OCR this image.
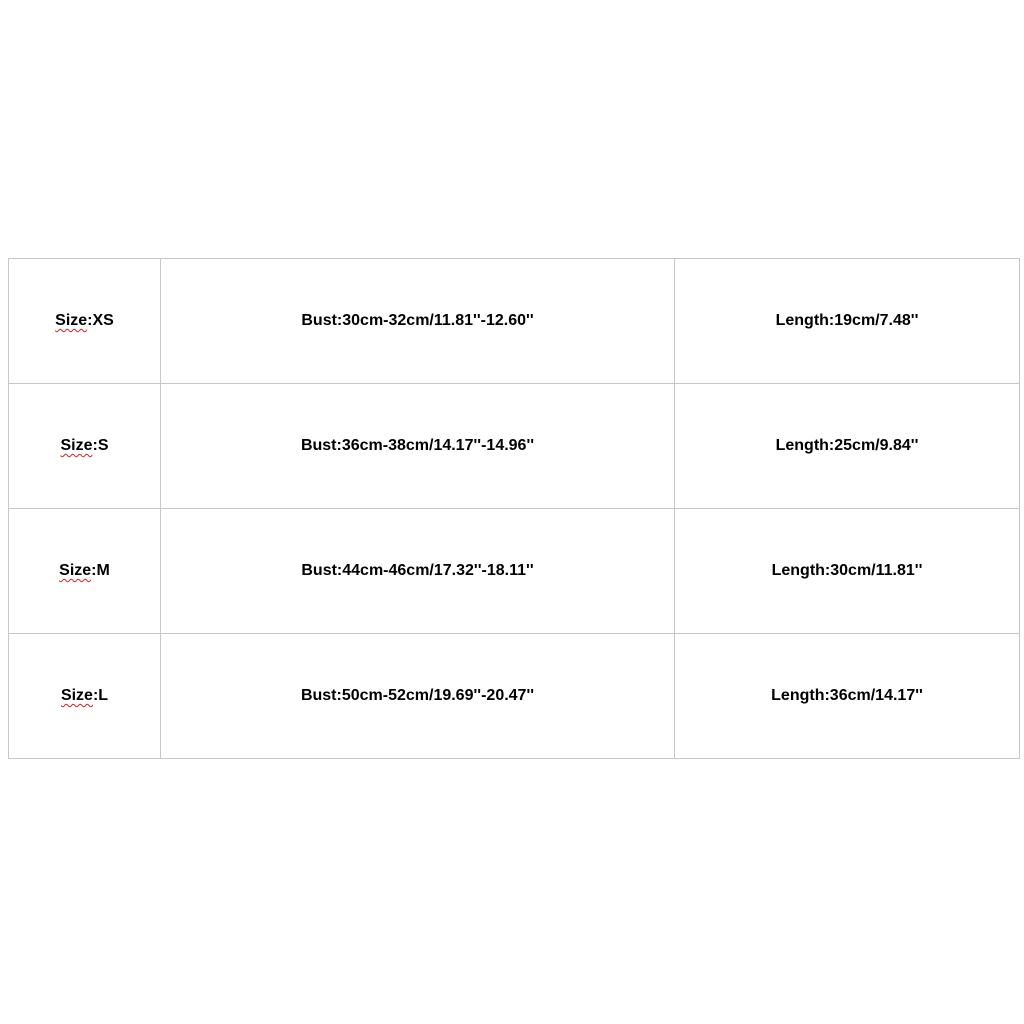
Size:XS	Bust:30cm-32cm/11.81''-12.60''	Length:19cm/7.48''
Size:S	Bust:36cm-38cm/14.17''-14.96''	Length:25cm/9.84''
Size:M	Bust:44cm-46cm/17.32''-18.11''	Length:30cm/11.81''
Size:L	Bust:50cm-52cm/19.69''-20.47''	Length:36cm/14.17''
